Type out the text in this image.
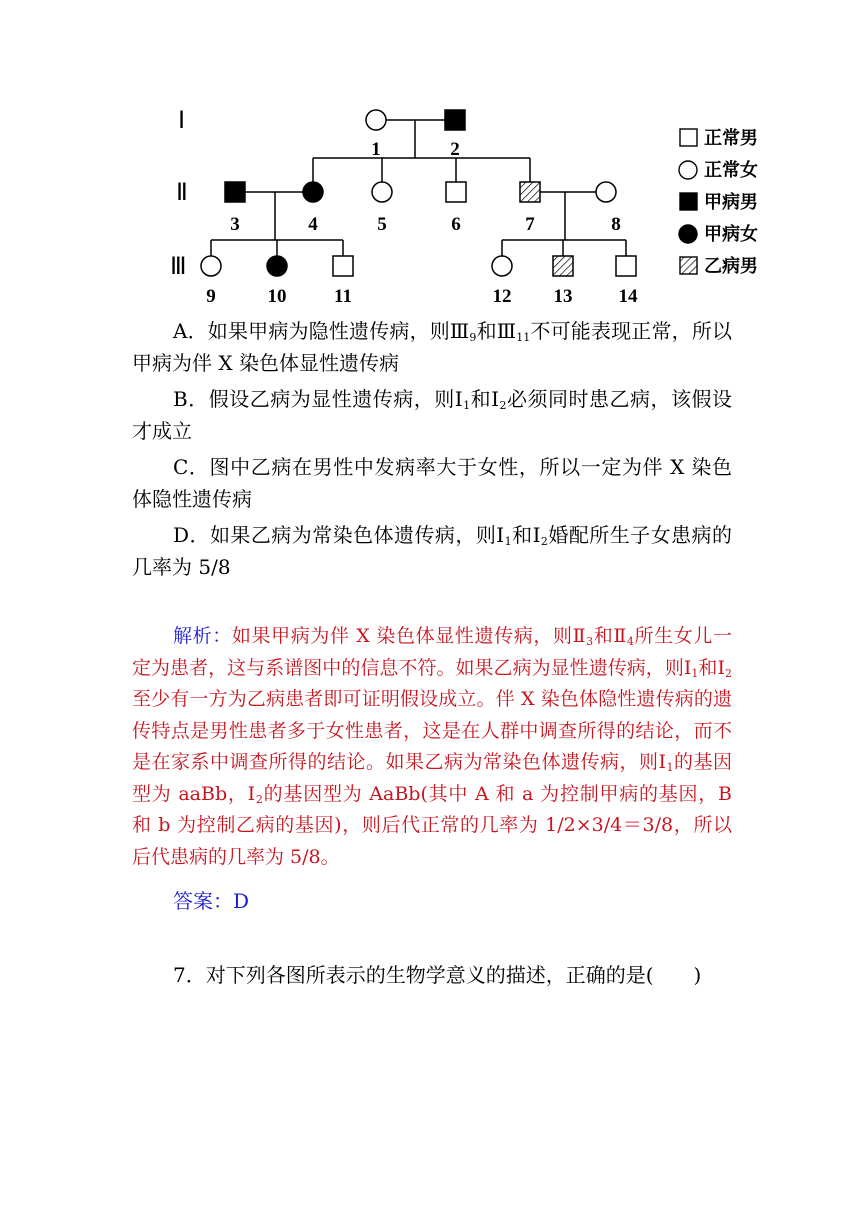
Ⅰ
Ⅱ
Ⅲ
1	2
3	4	5	6	7	8
9	10	11	12 13 14
正常男
正常女
甲病男
甲病女
乙病男

A．如果甲病为隐性遗传病，则$Ⅲ_9$和$Ⅲ_{11}$不可能表现正常，所以甲病为伴 X 染色体显性遗传病

B．假设乙病为显性遗传病，则$Ⅰ_1$和$Ⅰ_2$必须同时患乙病，该假设才成立

C．图中乙病在男性中发病率大于女性，所以一定为伴 X 染色体隐性遗传病

D．如果乙病为常染色体遗传病，则$Ⅰ_1$和$Ⅰ_2$婚配所生子女患病的几率为 5/8

解析：如果甲病为伴 X 染色体显性遗传病，则$Ⅱ_3$和$Ⅱ_4$所生女儿一定为患者，这与系谱图中的信息不符。如果乙病为显性遗传病，则$Ⅰ_1$和$Ⅰ_2$至少有一方为乙病患者即可证明假设成立。伴 X 染色体隐性遗传病的遗传特点是男性患者多于女性患者，这是在人群中调查所得的结论，而不是在家系中调查所得的结论。如果乙病为常染色体遗传病，则$Ⅰ_1$的基因型为 aaBb，$Ⅰ_2$的基因型为 AaBb(其中 A 和 a 为控制甲病的基因，B 和 b 为控制乙病的基因)，则后代正常的几率为 1/2×3/4＝3/8，所以后代患病的几率为 5/8。

答案：D

7．对下列各图所表示的生物学意义的描述，正确的是(　　)
